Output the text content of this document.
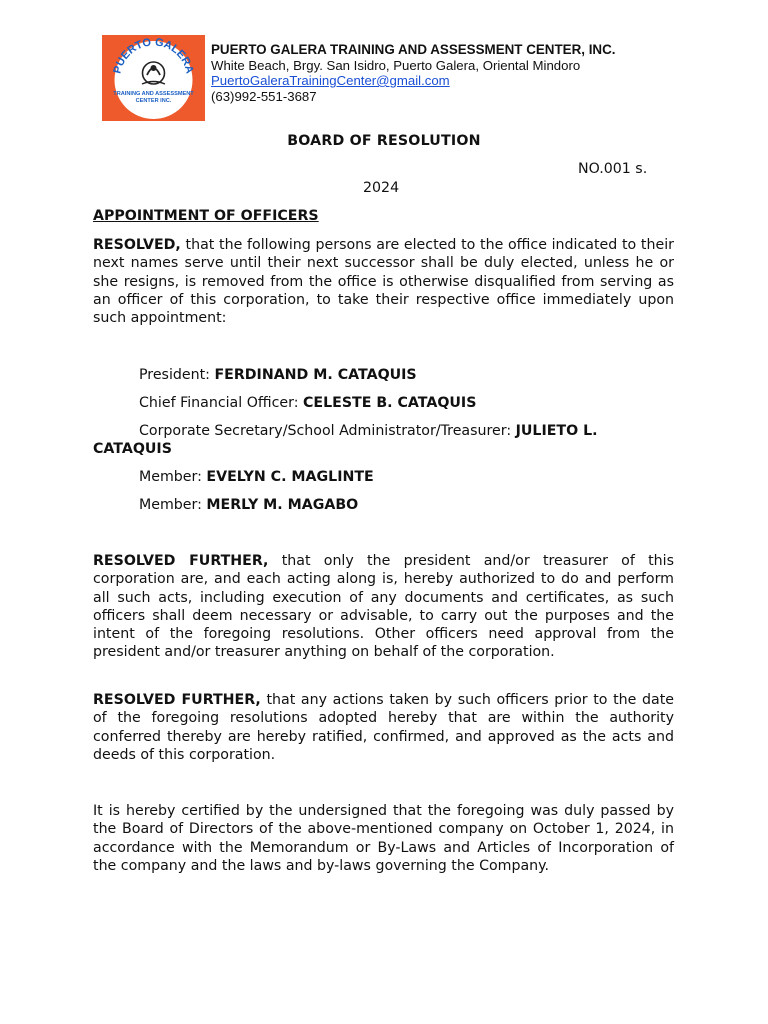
PUERTO GALERA
TRAINING AND ASSESSMENT
CENTER INC.
PUERTO GALERA TRAINING AND ASSESSMENT CENTER, INC.
White Beach, Brgy. San Isidro, Puerto Galera, Oriental Mindoro
PuertoGaleraTrainingCenter@gmail.com
(63)992-551-3687
BOARD OF RESOLUTION
NO.001 s.
2024
APPOINTMENT OF OFFICERS

RESOLVED, that the following persons are elected to the office indicated to their next names serve until their next successor shall be duly elected, unless he or she resigns, is removed from the office is otherwise disqualified from serving as an officer of this corporation, to take their respective office immediately upon such appointment:

President: FERDINAND M. CATAQUIS

Chief Financial Officer: CELESTE B. CATAQUIS

Corporate Secretary/School Administrator/Treasurer: JULIETO L. CATAQUIS

Member: EVELYN C. MAGLINTE

Member: MERLY M. MAGABO

RESOLVED FURTHER, that only the president and/or treasurer of this corporation are, and each acting along is, hereby authorized to do and perform all such acts, including execution of any documents and certificates, as such officers shall deem necessary or advisable, to carry out the purposes and the intent of the foregoing resolutions. Other officers need approval from the president and/or treasurer anything on behalf of the corporation.

RESOLVED FURTHER, that any actions taken by such officers prior to the date of the foregoing resolutions adopted hereby that are within the authority conferred thereby are hereby ratified, confirmed, and approved as the acts and deeds of this corporation.

It is hereby certified by the undersigned that the foregoing was duly passed by the Board of Directors of the above-mentioned company on October 1, 2024, in accordance with the Memorandum or By-Laws and Articles of Incorporation of the company and the laws and by-laws governing the Company.
